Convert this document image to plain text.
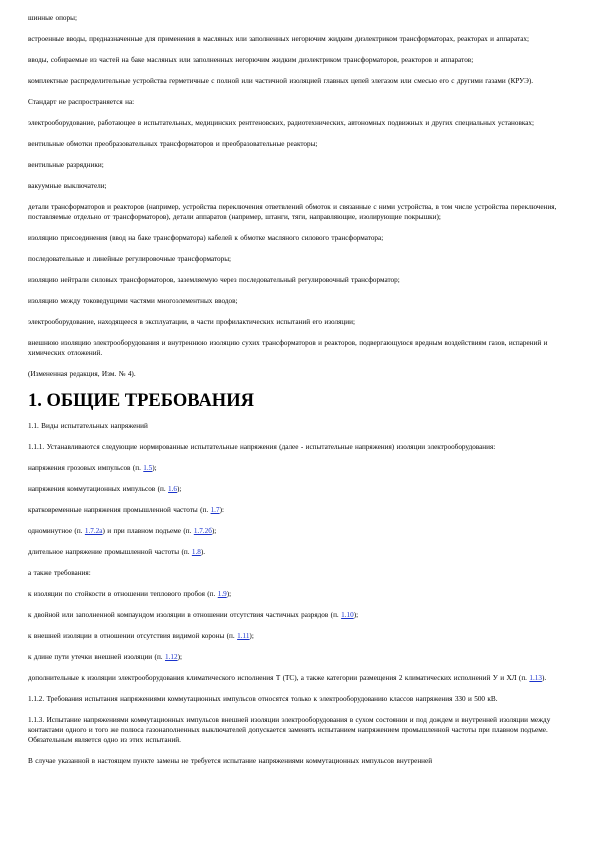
шинные опоры;
встроенные вводы, предназначенные для применения в масляных или заполненных негорючим жидким диэлектриком трансформаторах, реакторах и аппаратах;
вводы, собираемые из частей на баке масляных или заполненных негорючим жидким диэлектриком трансформаторов, реакторов и аппаратов;
комплектные распределительные устройства герметичные с полной или частичной изоляцией главных цепей элегазом или смесью его с другими газами (КРУЭ).
Стандарт не распространяется на:
электрооборудование, работающее в испытательных, медицинских рентгеновских, радиотехнических, автономных подвижных и других специальных установках;
вентильные обмотки преобразовательных трансформаторов и преобразовательные реакторы;
вентильные разрядники;
вакуумные выключатели;
детали трансформаторов и реакторов (например, устройства переключения ответвлений обмоток и связанные с ними устройства, в том числе устройства переключения, поставляемые отдельно от трансформаторов), детали аппаратов (например, штанги, тяги, направляющие, изолирующие покрышки);
изоляцию присоединения (ввод на баке трансформатора) кабелей к обмотке масляного силового трансформатора;
последовательные и линейные регулировочные трансформаторы;
изоляцию нейтрали силовых трансформаторов, заземляемую через последовательный регулировочный трансформатор;
изоляцию между токоведущими частями многоэлементных вводов;
электрооборудование, находящееся в эксплуатации, в части профилактических испытаний его изоляции;
внешнюю изоляцию электрооборудования и внутреннюю изоляцию сухих трансформаторов и реакторов, подвергающуюся вредным воздействиям газов, испарений и химических отложений.
(Измененная редакция, Изм. № 4).
1. ОБЩИЕ ТРЕБОВАНИЯ
1.1. Виды испытательных напряжений
1.1.1. Устанавливаются следующие нормированные испытательные напряжения (далее - испытательные напряжения) изоляции электрооборудования:
напряжения грозовых импульсов (п. 1.5);
напряжения коммутационных импульсов (п. 1.6);
кратковременные напряжения промышленной частоты (п. 1.7):
одноминутное (п. 1.7.2а) и при плавном подъеме (п. 1.7.2б);
длительное напряжение промышленной частоты (п. 1.8).
а также требования:
к изоляции по стойкости в отношении теплового пробоя (п. 1.9);
к двойной или заполненной компаундом изоляции в отношении отсутствия частичных разрядов (п. 1.10);
к внешней изоляции в отношении отсутствия видимой короны (п. 1.11);
к длине пути утечки внешней изоляции (п. 1.12);
дополнительные к изоляции электрооборудования климатического исполнения Т (ТС), а также категории размещения 2 климатических исполнений У и ХЛ (п. 1.13).
1.1.2. Требования испытания напряжениями коммутационных импульсов относятся только к электрооборудованию классов напряжения 330 и 500 кВ.
1.1.3. Испытание напряжениями коммутационных импульсов внешней изоляции электрооборудования в сухом состоянии и под дождем и внутренней изоляции между контактами одного и того же полюса газонаполненных выключателей допускается заменять испытанием напряжением промышленной частоты при плавном подъеме. Обязательным является одно из этих испытаний.
В случае указанной в настоящем пункте замены не требуется испытание напряжениями коммутационных импульсов внутренней
